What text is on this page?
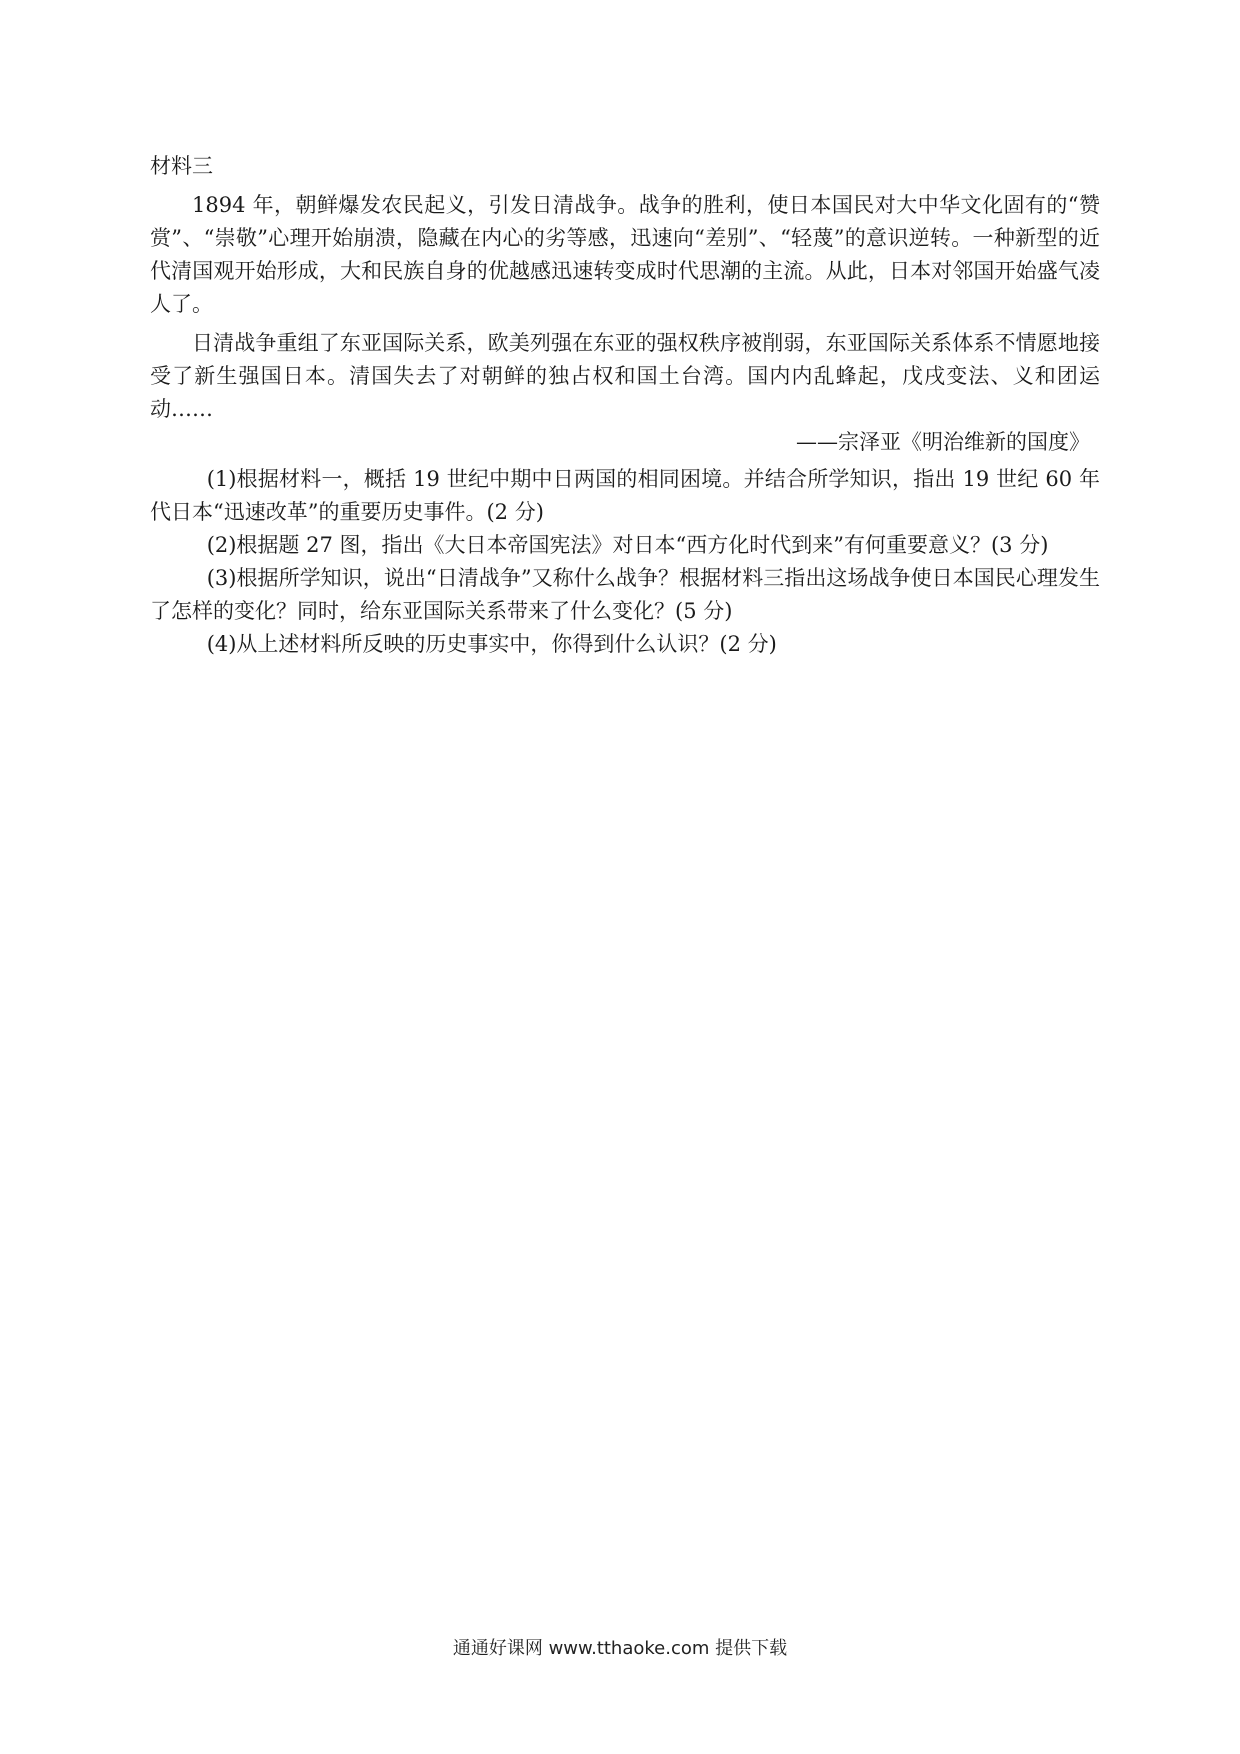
材料三

1894 年，朝鲜爆发农民起义，引发日清战争。战争的胜利，使日本国民对大中华文化固有的“赞赏”、“崇敬”心理开始崩溃，隐藏在内心的劣等感，迅速向“差别”、“轻蔑”的意识逆转。一种新型的近代清国观开始形成，大和民族自身的优越感迅速转变成时代思潮的主流。从此，日本对邻国开始盛气凌人了。

日清战争重组了东亚国际关系，欧美列强在东亚的强权秩序被削弱，东亚国际关系体系不情愿地接受了新生强国日本。清国失去了对朝鲜的独占权和国土台湾。国内内乱蜂起，戊戌变法、义和团运动……

——宗泽亚《明治维新的国度》

(1)根据材料一，概括 19 世纪中期中日两国的相同困境。并结合所学知识，指出 19 世纪 60 年代日本“迅速改革”的重要历史事件。(2 分)

(2)根据题 27 图，指出《大日本帝国宪法》对日本“西方化时代到来”有何重要意义？(3 分)

(3)根据所学知识，说出“日清战争”又称什么战争？根据材料三指出这场战争使日本国民心理发生了怎样的变化？同时，给东亚国际关系带来了什么变化？(5 分)

(4)从上述材料所反映的历史事实中，你得到什么认识？(2 分)

通通好课网 www.tthaoke.com 提供下载
